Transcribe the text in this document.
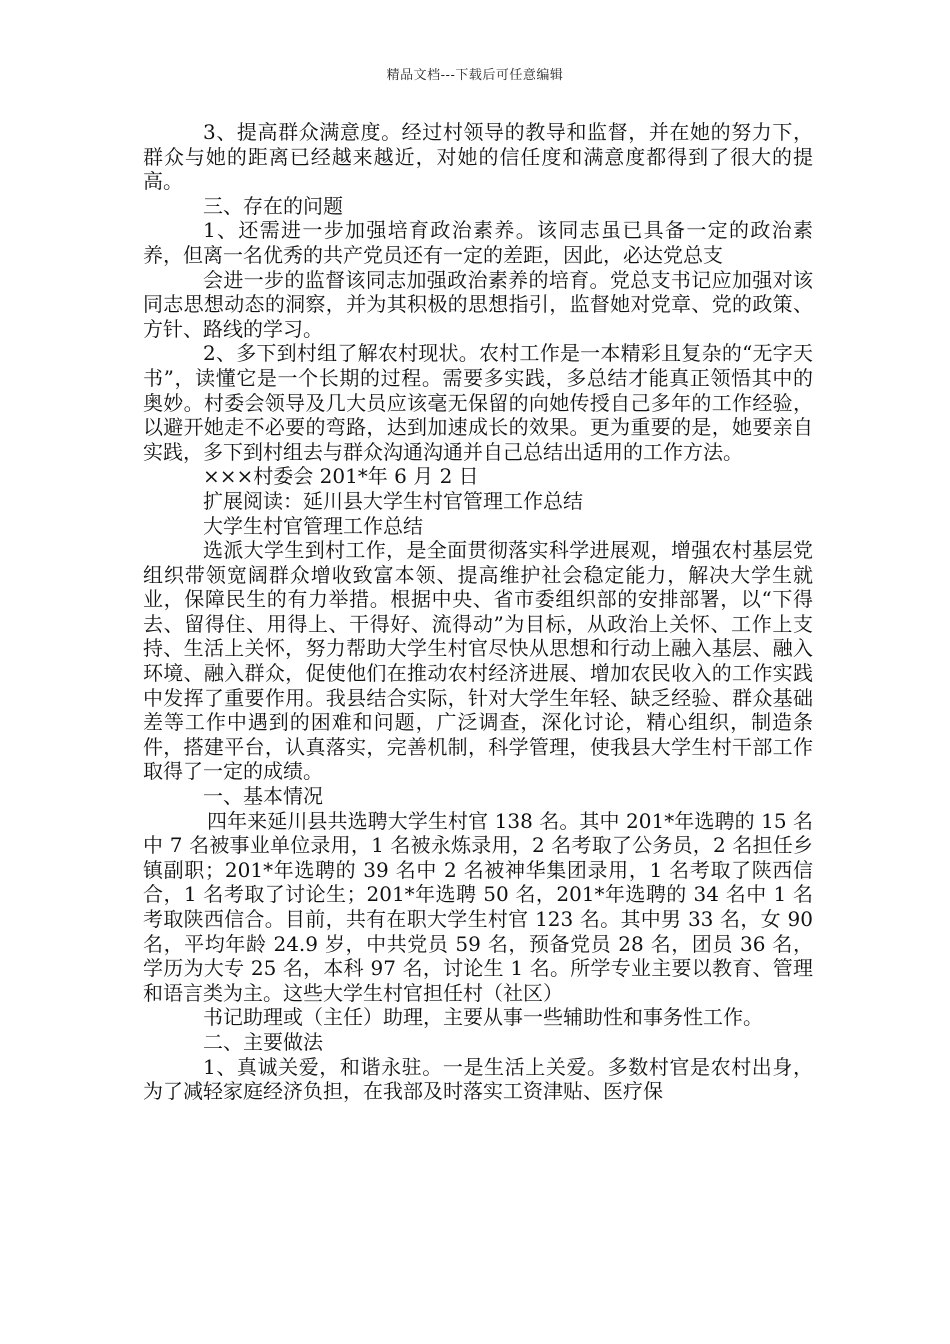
精品文档---下载后可任意编辑

3、提高群众满意度。经过村领导的教导和监督，并在她的努力下，群众与她的距离已经越来越近，对她的信任度和满意度都得到了很大的提高。

三、存在的问题

1、还需进一步加强培育政治素养。该同志虽已具备一定的政治素养，但离一名优秀的共产党员还有一定的差距，因此，必达党总支

会进一步的监督该同志加强政治素养的培育。党总支书记应加强对该同志思想动态的洞察，并为其积极的思想指引，监督她对党章、党的政策、方针、路线的学习。

2、多下到村组了解农村现状。农村工作是一本精彩且复杂的“无字天书”，读懂它是一个长期的过程。需要多实践，多总结才能真正领悟其中的奥妙。村委会领导及几大员应该毫无保留的向她传授自己多年的工作经验，以避开她走不必要的弯路，达到加速成长的效果。更为重要的是，她要亲自实践，多下到村组去与群众沟通沟通并自己总结出适用的工作方法。

×××村委会 201*年 6 月 2 日

扩展阅读：延川县大学生村官管理工作总结

大学生村官管理工作总结

选派大学生到村工作，是全面贯彻落实科学进展观，增强农村基层党组织带领宽阔群众增收致富本领、提高维护社会稳定能力，解决大学生就业，保障民生的有力举措。根据中央、省市委组织部的安排部署，以“下得去、留得住、用得上、干得好、流得动”为目标，从政治上关怀、工作上支持、生活上关怀，努力帮助大学生村官尽快从思想和行动上融入基层、融入环境、融入群众，促使他们在推动农村经济进展、增加农民收入的工作实践中发挥了重要作用。我县结合实际，针对大学生年轻、缺乏经验、群众基础差等工作中遇到的困难和问题，广泛调查，深化讨论，精心组织，制造条件，搭建平台，认真落实，完善机制，科学管理，使我县大学生村干部工作取得了一定的成绩。

一、基本情况

四年来延川县共选聘大学生村官 138 名。其中 201*年选聘的 15 名中 7 名被事业单位录用，1 名被永炼录用，2 名考取了公务员，2 名担任乡镇副职；201*年选聘的 39 名中 2 名被神华集团录用，1 名考取了陕西信合，1 名考取了讨论生；201*年选聘 50 名，201*年选聘的 34 名中 1 名考取陕西信合。目前，共有在职大学生村官 123 名。其中男 33 名，女 90 名，平均年龄 24.9 岁，中共党员 59 名，预备党员 28 名，团员 36 名，学历为大专 25 名，本科 97 名，讨论生 1 名。所学专业主要以教育、管理和语言类为主。这些大学生村官担任村（社区）

书记助理或（主任）助理，主要从事一些辅助性和事务性工作。

二、主要做法

1、真诚关爱，和谐永驻。一是生活上关爱。多数村官是农村出身，为了减轻家庭经济负担，在我部及时落实工资津贴、医疗保
